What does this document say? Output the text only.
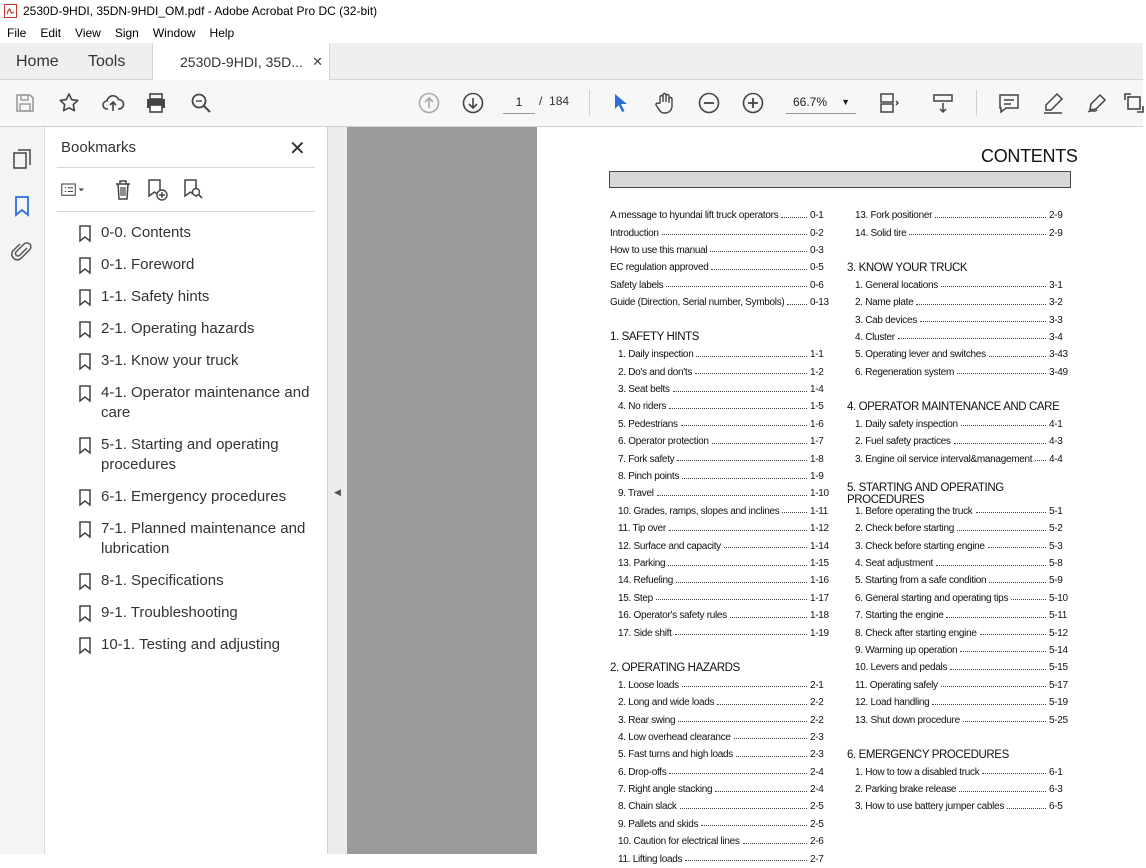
2530D-9HDI, 35DN-9HDI_OM.pdf - Adobe Acrobat Pro DC (32-bit)
File	Edit	View	Sign	Window	Help
Home Tools	2530D-9HDI, 35D... ✕
1	/ 184	66.7% ▼
Bookmarks	✕
0-0. Contents
0-1. Foreword
1-1. Safety hints
2-1. Operating hazards
3-1. Know your truck
4-1. Operator maintenance and care
5-1. Starting and operating procedures
6-1. Emergency procedures
7-1. Planned maintenance and lubrication
8-1. Specifications
9-1. Troubleshooting
10-1. Testing and adjusting
◀
CONTENTS
A message to hyundai lift truck operators	0-1
Introduction	0-2
How to use this manual	0-3
EC regulation approved	0-5
Safety labels	0-6
Guide (Direction, Serial number, Symbols)	0-13
1. SAFETY HINTS
1. Daily inspection	1-1
2. Do's and don'ts	1-2
3. Seat belts	1-4
4. No riders	1-5
5. Pedestrians	1-6
6. Operator protection	1-7
7. Fork safety	1-8
8. Pinch points	1-9
9. Travel	1-10
10. Grades, ramps, slopes and inclines	1-11
11. Tip over	1-12
12. Surface and capacity	1-14
13. Parking	1-15
14. Refueling	1-16
15. Step	1-17
16. Operator's safety rules	1-18
17. Side shift	1-19
2. OPERATING HAZARDS
1. Loose loads	2-1
2. Long and wide loads	2-2
3. Rear swing	2-2
4. Low overhead clearance	2-3
5. Fast turns and high loads	2-3
6. Drop-offs	2-4
7. Right angle stacking	2-4
8. Chain slack	2-5
9. Pallets and skids	2-5
10. Caution for electrical lines	2-6
11. Lifting loads	2-7
13. Fork positioner	2-9
14. Solid tire	2-9
3. KNOW YOUR TRUCK
1. General locations	3-1
2. Name plate	3-2
3. Cab devices	3-3
4. Cluster	3-4
5. Operating lever and switches	3-43
6. Regeneration system	3-49
4. OPERATOR MAINTENANCE AND CARE
1. Daily safety inspection	4-1
2. Fuel safety practices	4-3
3. Engine oil service interval&management 4-4
5. STARTING AND OPERATING PROCEDURES
1. Before operating the truck	5-1
2. Check before starting	5-2
3. Check before starting engine	5-3
4. Seat adjustment	5-8
5. Starting from a safe condition	5-9
6. General starting and operating tips	5-10
7. Starting the engine	5-11
8. Check after starting engine	5-12
9. Warming up operation	5-14
10. Levers and pedals	5-15
11. Operating safely	5-17
12. Load handling	5-19
13. Shut down procedure	5-25
6. EMERGENCY PROCEDURES
1. How to tow a disabled truck	6-1
2. Parking brake release	6-3
3. How to use battery jumper cables	6-5
